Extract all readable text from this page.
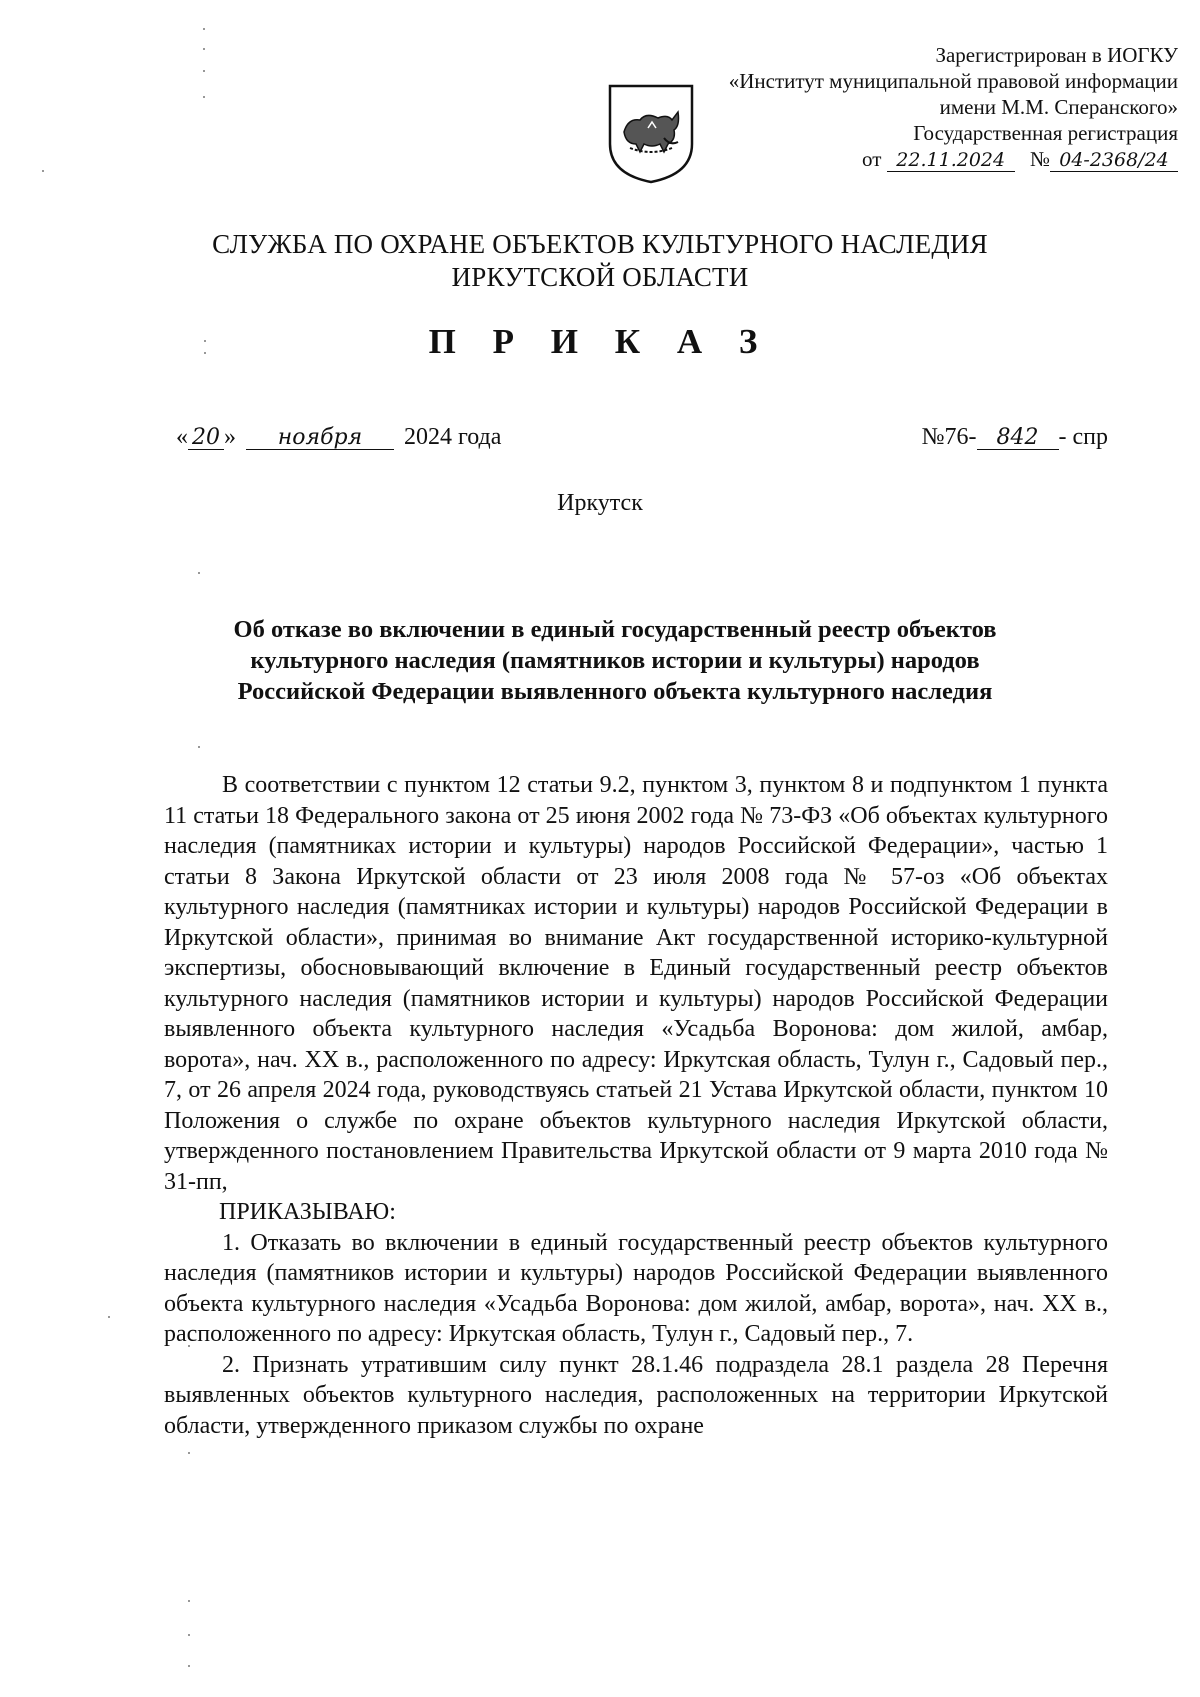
Зарегистрирован в ИОГКУ
«Институт муниципальной правовой информации
имени М.М. Сперанского»
Государственная регистрация
от 22.11.2024 № 04-2368/24
СЛУЖБА ПО ОХРАНЕ ОБЪЕКТОВ КУЛЬТУРНОГО НАСЛЕДИЯ
ИРКУТСКОЙ ОБЛАСТИ
П Р И К А З
« 20 » ноября 2024 года	№76- 842 - спр
Иркутск
Об отказе во включении в единый государственный реестр объектов
культурного наследия (памятников истории и культуры) народов
Российской Федерации выявленного объекта культурного наследия

В соответствии с пунктом 12 статьи 9.2, пунктом 3, пунктом 8 и подпунктом 1 пункта 11 статьи 18 Федерального закона от 25 июня 2002 года № 73-ФЗ «Об объектах культурного наследия (памятниках истории и культуры) народов Российской Федерации», частью 1 статьи 8 Закона Иркутской области от 23 июля 2008 года № 57-оз «Об объектах культурного наследия (памятниках истории и культуры) народов Российской Федерации в Иркутской области», принимая во внимание Акт государственной историко-культурной экспертизы, обосновывающий включение в Единый государственный реестр объектов культурного наследия (памятников истории и культуры) народов Российской Федерации выявленного объекта культурного наследия «Усадьба Воронова: дом жилой, амбар, ворота», нач. XX в., расположенного по адресу: Иркутская область, Тулун г., Садовый пер., 7, от 26 апреля 2024 года, руководствуясь статьей 21 Устава Иркутской области, пунктом 10 Положения о службе по охране объектов культурного наследия Иркутской области, утвержденного постановлением Правительства Иркутской области от 9 марта 2010 года № 31-пп,

ПРИКАЗЫВАЮ:

1. Отказать во включении в единый государственный реестр объектов культурного наследия (памятников истории и культуры) народов Российской Федерации выявленного объекта культурного наследия «Усадьба Воронова: дом жилой, амбар, ворота», нач. XX в., расположенного по адресу: Иркутская область, Тулун г., Садовый пер., 7.

2. Признать утратившим силу пункт 28.1.46 подраздела 28.1 раздела 28 Перечня выявленных объектов культурного наследия, расположенных на территории Иркутской области, утвержденного приказом службы по охране
